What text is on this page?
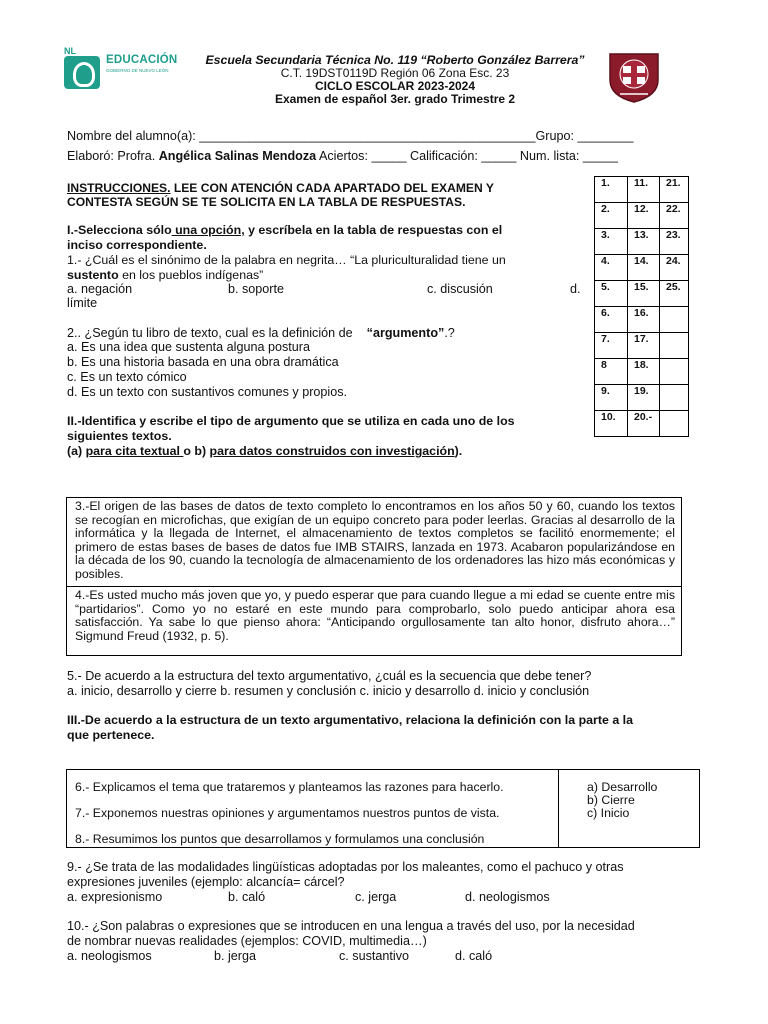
NL
EDUCACIÓN
GOBIERNO DE NUEVO LEÓN
Escuela Secundaria Técnica No. 119 “Roberto González Barrera”
C.T. 19DST0119D Región 06 Zona Esc. 23
CICLO ESCOLAR 2023-2024
Examen de español 3er. grado Trimestre 2
Nombre del alumno(a): ________________________________________________Grupo: ________
Elaboró: Profra. Angélica Salinas Mendoza Aciertos: _____ Calificación: _____ Num. lista: _____
INSTRUCCIONES. LEE CON ATENCIÓN CADA APARTADO DEL EXAMEN Y
CONTESTA SEGÚN SE TE SOLICITA EN LA TABLA DE RESPUESTAS.
I.-Selecciona sólo una opción, y escríbela en la tabla de respuestas con el
inciso correspondiente.
1.- ¿Cuál es el sinónimo de la palabra en negrita… “La pluriculturalidad tiene un
sustento en los pueblos indígenas”
a. negación	b. soporte	c. discusión	d.
límite
2.. ¿Según tu libro de texto, cual es la definición de “argumento”.?
a. Es una idea que sustenta alguna postura
b. Es una historia basada en una obra dramática
c. Es un texto cómico
d. Es un texto con sustantivos comunes y propios.
II.-Identifica y escribe el tipo de argumento que se utiliza en cada uno de los
siguientes textos.
(a) para cita textual o b) para datos construidos con investigación).
1.	11.	21.
2.	12.	22.
3.	13.	23.
4.	14.	24.
5.	15.	25.
6.	16.	
7.	17.	
8	18.	
9.	19.	
10.	20.-	
3.-El origen de las bases de datos de texto completo lo encontramos en los años 50 y 60, cuando los textos se recogían en microfichas, que exigían de un equipo concreto para poder leerlas. Gracias al desarrollo de la informática y la llegada de Internet, el almacenamiento de textos completos se facilitó enormemente; el primero de estas bases de bases de datos fue IMB STAIRS, lanzada en 1973. Acabaron popularizándose en la década de los 90, cuando la tecnología de almacenamiento de los ordenadores las hizo más económicas y posibles.
4.-Es usted mucho más joven que yo, y puedo esperar que para cuando llegue a mi edad se cuente entre mis “partidarios”. Como yo no estaré en este mundo para comprobarlo, solo puedo anticipar ahora esa satisfacción. Ya sabe lo que pienso ahora: “Anticipando orgullosamente tan alto honor, disfruto ahora…” Sigmund Freud (1932, p. 5).
5.- De acuerdo a la estructura del texto argumentativo, ¿cuál es la secuencia que debe tener?
a. inicio, desarrollo y cierre b. resumen y conclusión c. inicio y desarrollo d. inicio y conclusión
III.-De acuerdo a la estructura de un texto argumentativo, relaciona la definición con la parte a la
que pertenece.
6.- Explicamos el tema que trataremos y planteamos las razones para hacerlo.
7.- Exponemos nuestras opiniones y argumentamos nuestros puntos de vista.
8.- Resumimos los puntos que desarrollamos y formulamos una conclusión
a) Desarrollo
b) Cierre
c) Inicio
9.- ¿Se trata de las modalidades lingüísticas adoptadas por los maleantes, como el pachuco y otras
expresiones juveniles (ejemplo: alcancía= cárcel?
a. expresionismo	b. caló	c. jerga	d. neologismos
10.- ¿Son palabras o expresiones que se introducen en una lengua a través del uso, por la necesidad
de nombrar nuevas realidades (ejemplos: COVID, multimedia…)
a. neologismos	b. jerga	c. sustantivo	d. caló
